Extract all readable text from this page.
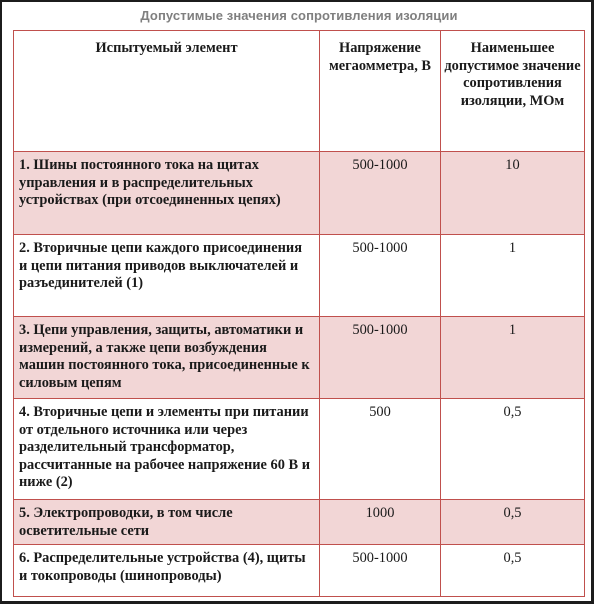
Допустимые значения сопротивления изоляции
Испытуемый элемент	Напряжение мегаомметра, В	Наименьшее допустимое значение сопротивления изоляции, МОм
1. Шины постоянного тока на щитах управления и в распределительных устройствах (при отсоединенных цепях)	500-1000	10
2. Вторичные цепи каждого присоединения и цепи питания приводов выключателей и разъединителей (1)	500-1000	1
3. Цепи управления, защиты, автоматики и измерений, а также цепи возбуждения машин постоянного тока, присоединенные к силовым цепям	500-1000	1
4. Вторичные цепи и элементы при питании от отдельного источника или через разделительный трансформатор, рассчитанные на рабочее напряжение 60 В и ниже (2)	500	0,5
5. Электропроводки, в том числе осветительные сети	1000	0,5
6. Распределительные устройства (4), щиты и токопроводы (шинопроводы)	500-1000	0,5
